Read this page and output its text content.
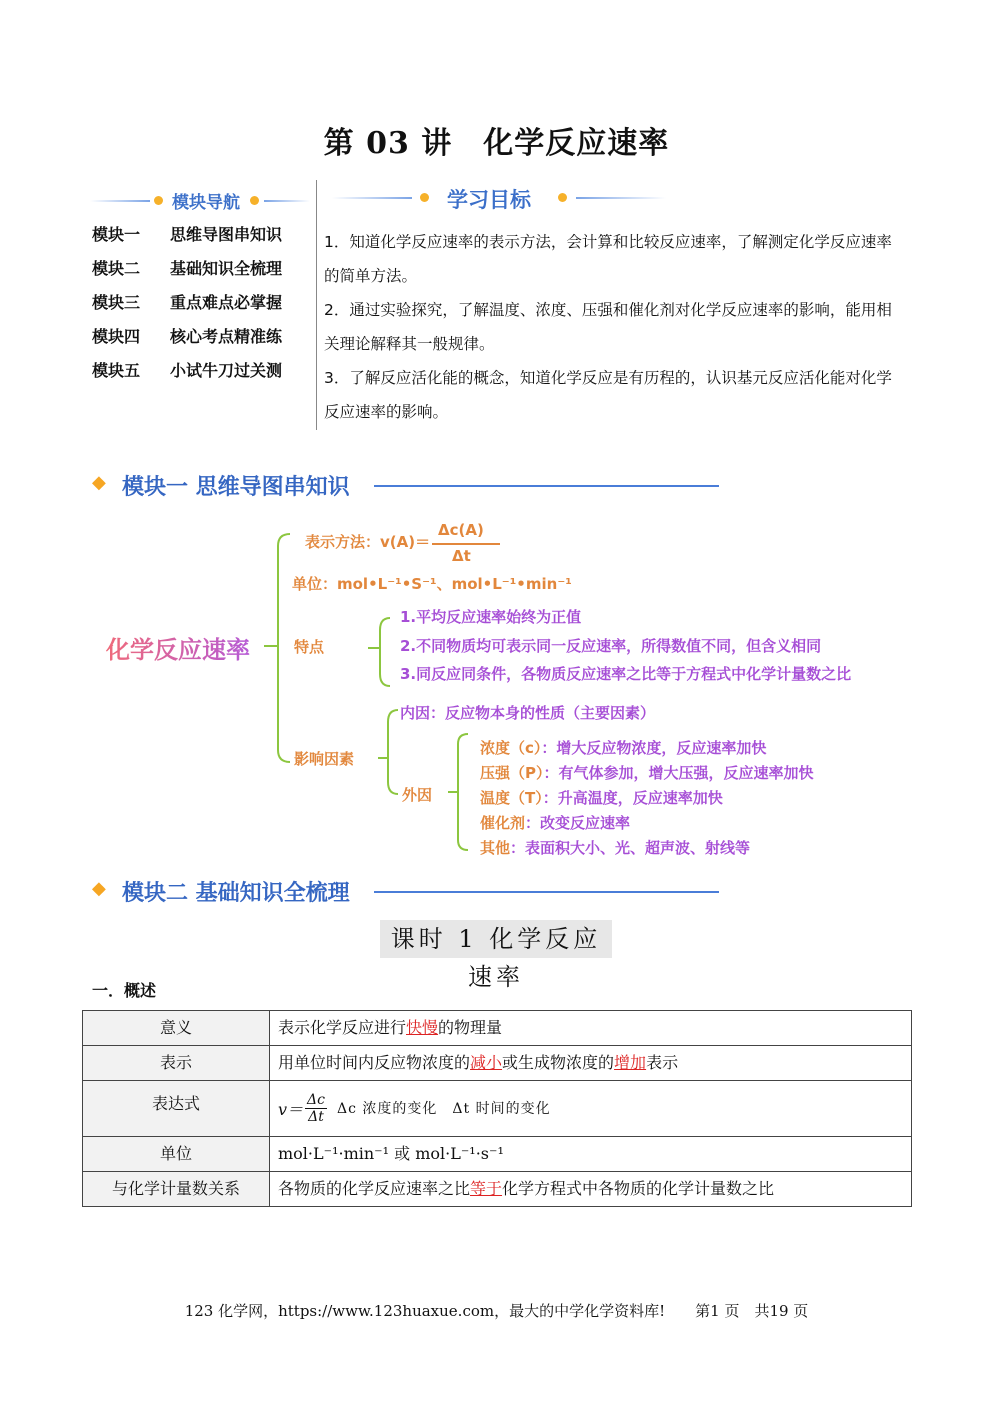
第 03 讲　化学反应速率
模块导航
模块一	思维导图串知识
模块二	基础知识全梳理
模块三	重点难点必掌握
模块四	核心考点精准练
模块五	小试牛刀过关测
学习目标
1．知道化学反应速率的表示方法，会计算和比较反应速率，了解测定化学反应速率的简单方法。
2．通过实验探究，了解温度、浓度、压强和催化剂对化学反应速率的影响，能用相关理论解释其一般规律。
3．了解反应活化能的概念，知道化学反应是有历程的，认识基元反应活化能对化学反应速率的影响。
◆ 模块一 思维导图串知识
化学反应速率
表示方法：v(A)＝
Δc(A)
Δt
单位：mol•L⁻¹•S⁻¹、mol•L⁻¹•min⁻¹
特点
1.平均反应速率始终为正值
2.不同物质均可表示同一反应速率，所得数值不同，但含义相同
3.同反应同条件，各物质反应速率之比等于方程式中化学计量数之比
影响因素
内因：反应物本身的性质（主要因素）
外因
浓度（c）：增大反应物浓度，反应速率加快
压强（P）：有气体参加，增大压强，反应速率加快
温度（T）：升高温度，反应速率加快
催化剂：改变反应速率
其他：表面积大小、光、超声波、射线等
◆ 模块二 基础知识全梳理
课时 1 化学反应速率
一．概述
意义	表示化学反应进行快慢的物理量
表示	用单位时间内反应物浓度的减小或生成物浓度的增加表示
表达式	$v= \frac{\Delta c}{\Delta t}$ Δc 浓度的变化　Δt 时间的变化

单位	mol·L⁻¹·min⁻¹ 或 mol·L⁻¹·s⁻¹
与化学计量数关系	各物质的化学反应速率之比等于化学方程式中各物质的化学计量数之比
123 化学网，https://www.123huaxue.com，最大的中学化学资料库!　　第1 页　共19 页
